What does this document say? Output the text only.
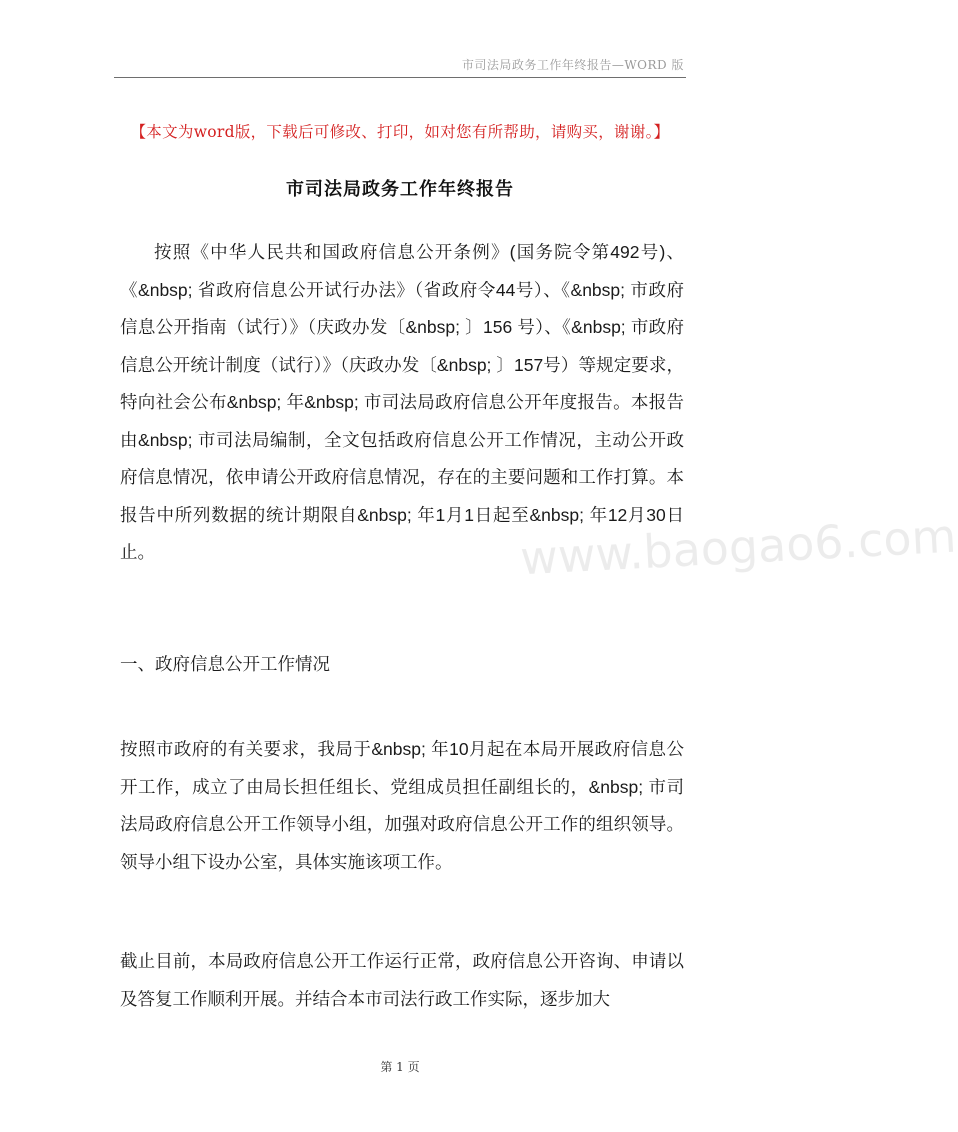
市司法局政务工作年终报告—WORD 版
【本文为word版，下载后可修改、打印，如对您有所帮助，请购买，谢谢。】
市司法局政务工作年终报告

按照《中华人民共和国政府信息公开条例》(国务院令第492号)、《&nbsp; 省政府信息公开试行办法》（省政府令44号）、《&nbsp; 市政府信息公开指南（试行）》（庆政办发〔&nbsp; 〕156 号）、《&nbsp; 市政府信息公开统计制度（试行）》（庆政办发〔&nbsp; 〕157号）等规定要求，特向社会公布&nbsp; 年&nbsp; 市司法局政府信息公开年度报告。本报告由&nbsp; 市司法局编制，全文包括政府信息公开工作情况，主动公开政府信息情况，依申请公开政府信息情况，存在的主要问题和工作打算。本报告中所列数据的统计期限自&nbsp; 年1月1日起至&nbsp; 年12月30日止。

一、政府信息公开工作情况

按照市政府的有关要求，我局于&nbsp; 年10月起在本局开展政府信息公开工作，成立了由局长担任组长、党组成员担任副组长的，&nbsp; 市司法局政府信息公开工作领导小组，加强对政府信息公开工作的组织领导。领导小组下设办公室，具体实施该项工作。

截止目前，本局政府信息公开工作运行正常，政府信息公开咨询、申请以及答复工作顺利开展。并结合本市司法行政工作实际，逐步加大

www.baogao6.com
第 1 页
